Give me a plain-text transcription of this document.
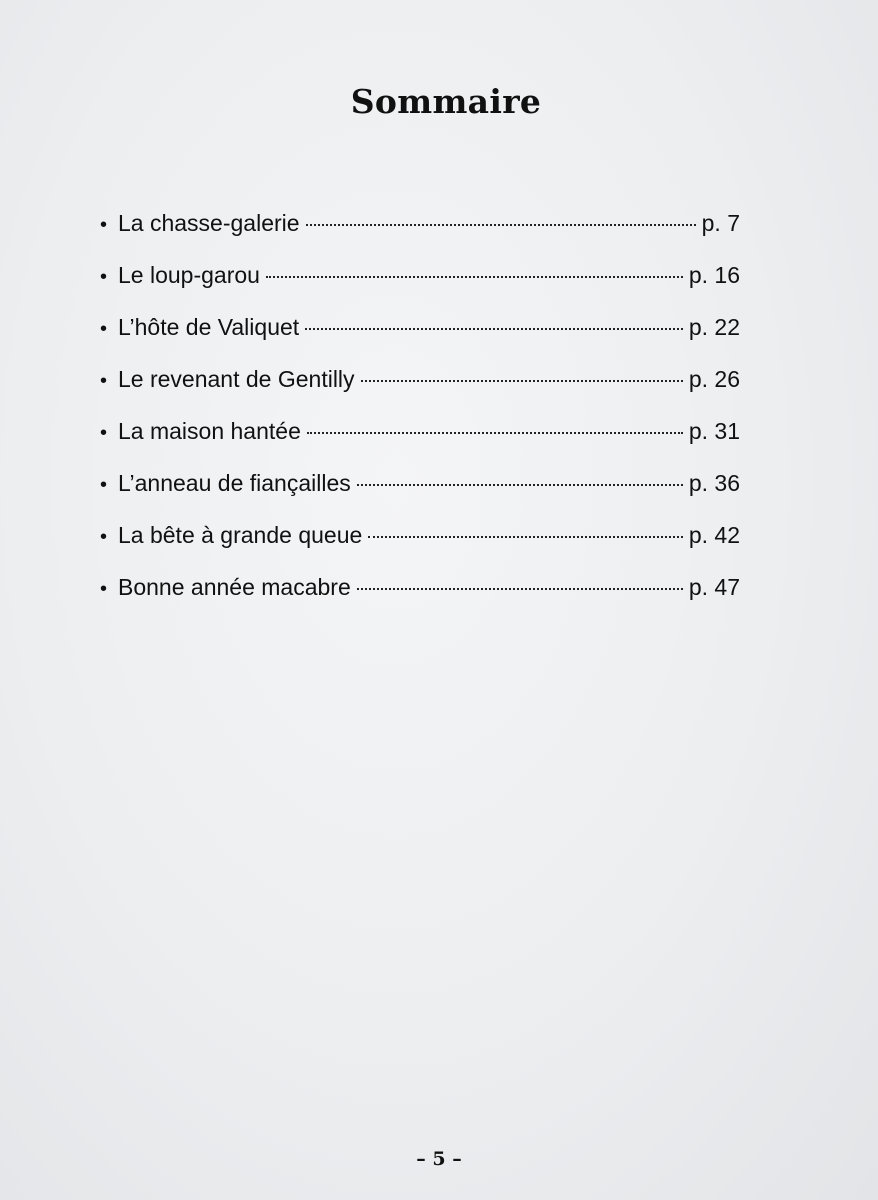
Sommaire
• La chasse-galerie	p. 7
• Le loup-garou	p. 16
• L’hôte de Valiquet	p. 22
• Le revenant de Gentilly	p. 26
• La maison hantée	p. 31
• L’anneau de fiançailles	p. 36
• La bête à grande queue	p. 42
• Bonne année macabre	p. 47
– 5 –
